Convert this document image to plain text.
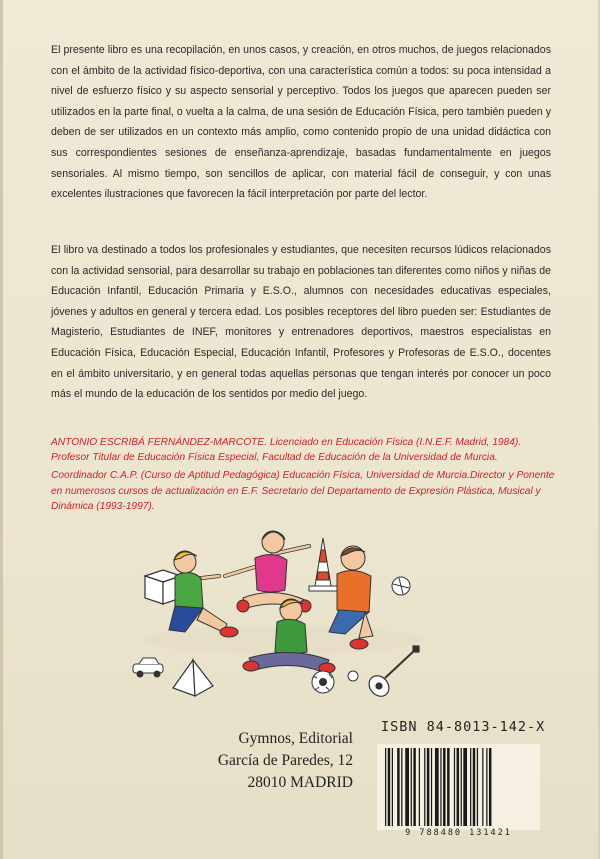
El presente libro es una recopilación, en unos casos, y creación, en otros muchos, de juegos relacionados con el ámbito de la actividad físico-deportiva, con una característica común a todos: su poca intensidad a nivel de esfuerzo físico y su aspecto sensorial y perceptivo. Todos los juegos que aparecen pueden ser utilizados en la parte final, o vuelta a la calma, de una sesión de Educación Física, pero también pueden y deben de ser utilizados en un contexto más amplio, como contenido propio de una unidad didáctica con sus correspondientes sesiones de enseñanza-aprendizaje, basadas fundamentalmente en juegos sensoriales. Al mismo tiempo, son sencillos de aplicar, con material fácil de conseguir, y con unas excelentes ilustraciones que favorecen la fácil interpretación por parte del lector.

El libro va destinado a todos los profesionales y estudiantes, que necesiten recursos lúdicos relacionados con la actividad sensorial, para desarrollar su trabajo en poblaciones tan diferentes como niños y niñas de Educación Infantil, Educación Primaria y E.S.O., alumnos con necesidades educativas especiales, jóvenes y adultos en general y tercera edad. Los posibles receptores del libro pueden ser: Estudiantes de Magisterio, Estudiantes de INEF, monitores y entrenadores deportivos, maestros especialistas en Educación Física, Educación Especial, Educación Infantil, Profesores y Profesoras de E.S.O., docentes en el ámbito universitario, y en general todas aquellas personas que tengan interés por conocer un poco más el mundo de la educación de los sentidos por medio del juego.

ANTONIO ESCRIBÁ FERNÁNDEZ-MARCOTE. Licenciado en Educación Física (I.N.E.F. Madrid, 1984). Profesor Titular de Educación Física Especial, Facultad de Educación de la Universidad de Murcia.

Coordinador C.A.P. (Curso de Aptitud Pedagógica) Educación Física, Universidad de Murcia.Director y Ponente en numerosos cursos de actualización en E.F. Secretario del Departamento de Expresión Plástica, Musical y Dinámica (1993-1997).

ISBN 84-8013-142-X
Gymnos, Editorial
García de Paredes, 12
28010 MADRID
9 788480 131421
